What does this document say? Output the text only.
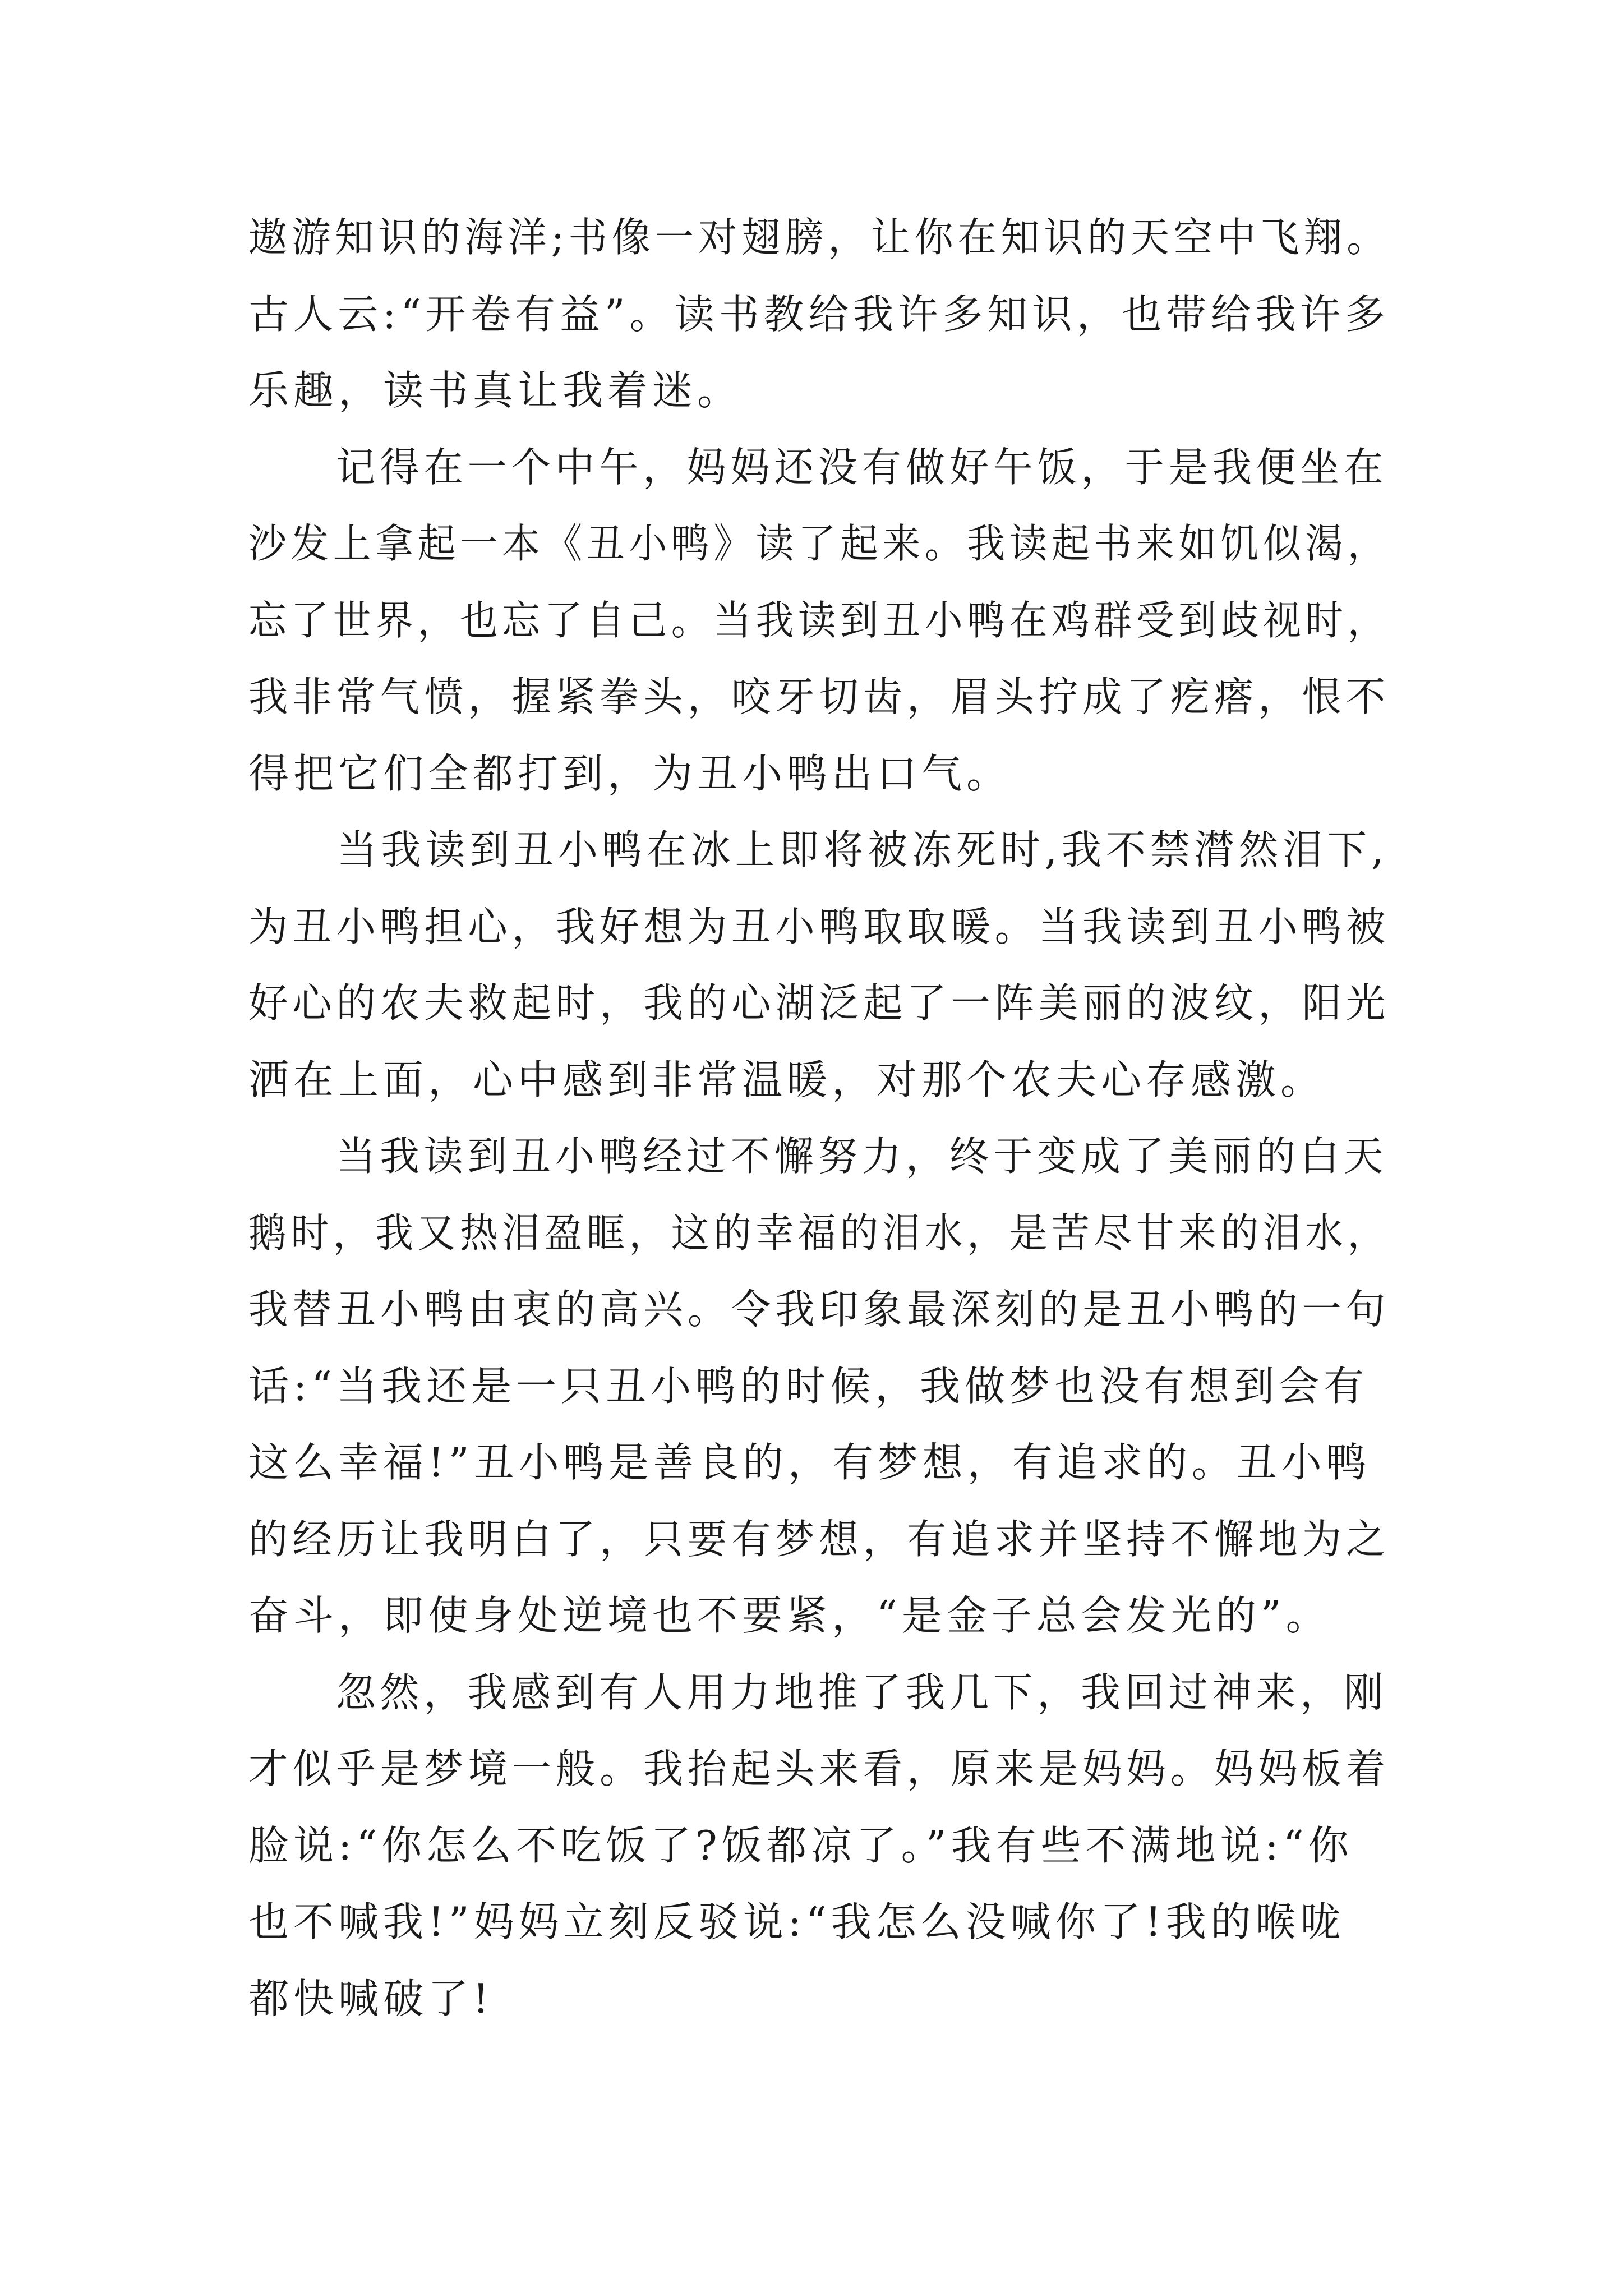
遨游知识的海洋;书像一对翅膀，让你在知识的天空中飞翔。
古人云:“开卷有益”。读书教给我许多知识，也带给我许多
乐趣，读书真让我着迷。
记得在一个中午，妈妈还没有做好午饭，于是我便坐在
沙发上拿起一本《丑小鸭》读了起来。我读起书来如饥似渴，
忘了世界，也忘了自己。当我读到丑小鸭在鸡群受到歧视时，
我非常气愤，握紧拳头，咬牙切齿，眉头拧成了疙瘩，恨不
得把它们全都打到，为丑小鸭出口气。
当我读到丑小鸭在冰上即将被冻死时,我不禁潸然泪下,
为丑小鸭担心，我好想为丑小鸭取取暖。当我读到丑小鸭被
好心的农夫救起时，我的心湖泛起了一阵美丽的波纹，阳光
洒在上面，心中感到非常温暖，对那个农夫心存感激。
当我读到丑小鸭经过不懈努力，终于变成了美丽的白天
鹅时，我又热泪盈眶，这的幸福的泪水，是苦尽甘来的泪水，
我替丑小鸭由衷的高兴。令我印象最深刻的是丑小鸭的一句
话:“当我还是一只丑小鸭的时候，我做梦也没有想到会有
这么幸福!”丑小鸭是善良的，有梦想，有追求的。丑小鸭
的经历让我明白了，只要有梦想，有追求并坚持不懈地为之
奋斗，即使身处逆境也不要紧，“是金子总会发光的”。
忽然，我感到有人用力地推了我几下，我回过神来，刚
才似乎是梦境一般。我抬起头来看，原来是妈妈。妈妈板着
脸说:“你怎么不吃饭了?饭都凉了。”我有些不满地说:“你
也不喊我!”妈妈立刻反驳说:“我怎么没喊你了!我的喉咙
都快喊破了!
